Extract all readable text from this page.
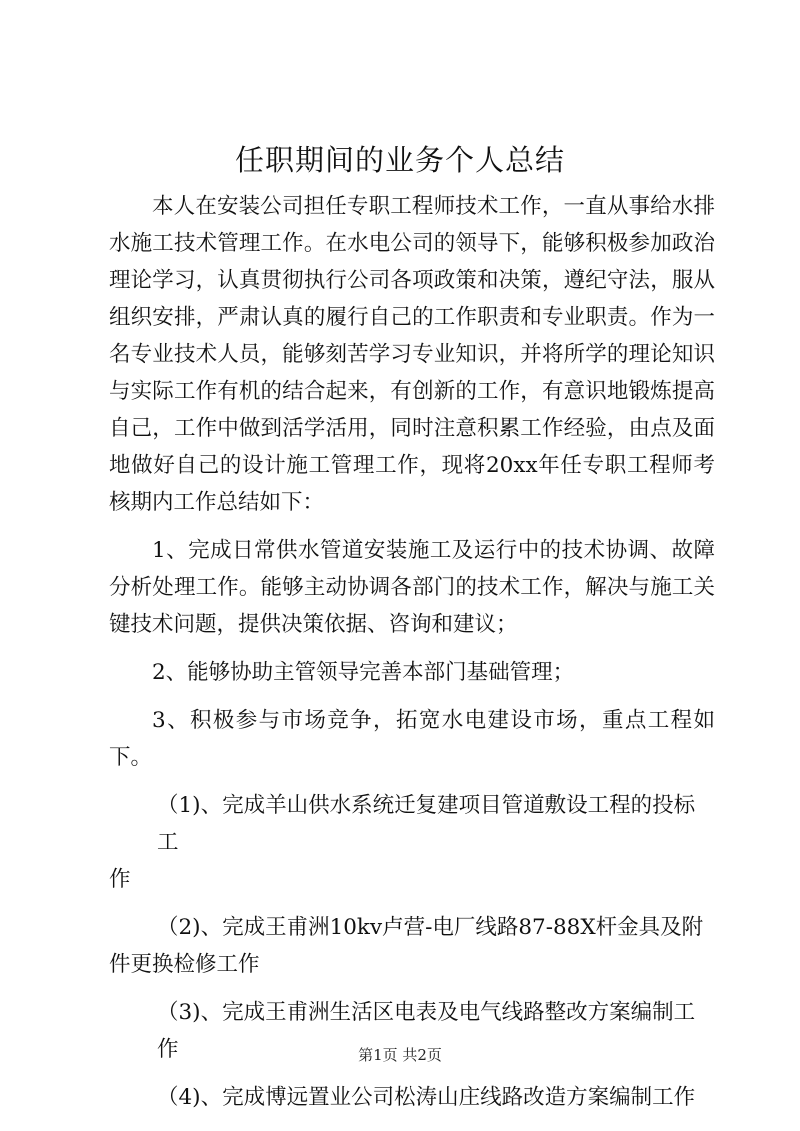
任职期间的业务个人总结

本人在安装公司担任专职工程师技术工作，一直从事给水排水施工技术管理工作。在水电公司的领导下，能够积极参加政治理论学习，认真贯彻执行公司各项政策和决策，遵纪守法，服从组织安排，严肃认真的履行自己的工作职责和专业职责。作为一名专业技术人员，能够刻苦学习专业知识，并将所学的理论知识与实际工作有机的结合起来，有创新的工作，有意识地锻炼提高自己，工作中做到活学活用，同时注意积累工作经验，由点及面地做好自己的设计施工管理工作，现将20xx年任专职工程师考核期内工作总结如下：

1、完成日常供水管道安装施工及运行中的技术协调、故障分析处理工作。能够主动协调各部门的技术工作，解决与施工关键技术问题，提供决策依据、咨询和建议；

2、能够协助主管领导完善本部门基础管理；

3、积极参与市场竞争，拓宽水电建设市场，重点工程如下。

（1)、完成羊山供水系统迁复建项目管道敷设工程的投标工
作
（2)、完成王甫洲10kv卢营-电厂线路87-88X杆金具及附
件更换检修工作
（3)、完成王甫洲生活区电表及电气线路整改方案编制工作
（4)、完成博远置业公司松涛山庄线路改造方案编制工作
第1页 共2页
